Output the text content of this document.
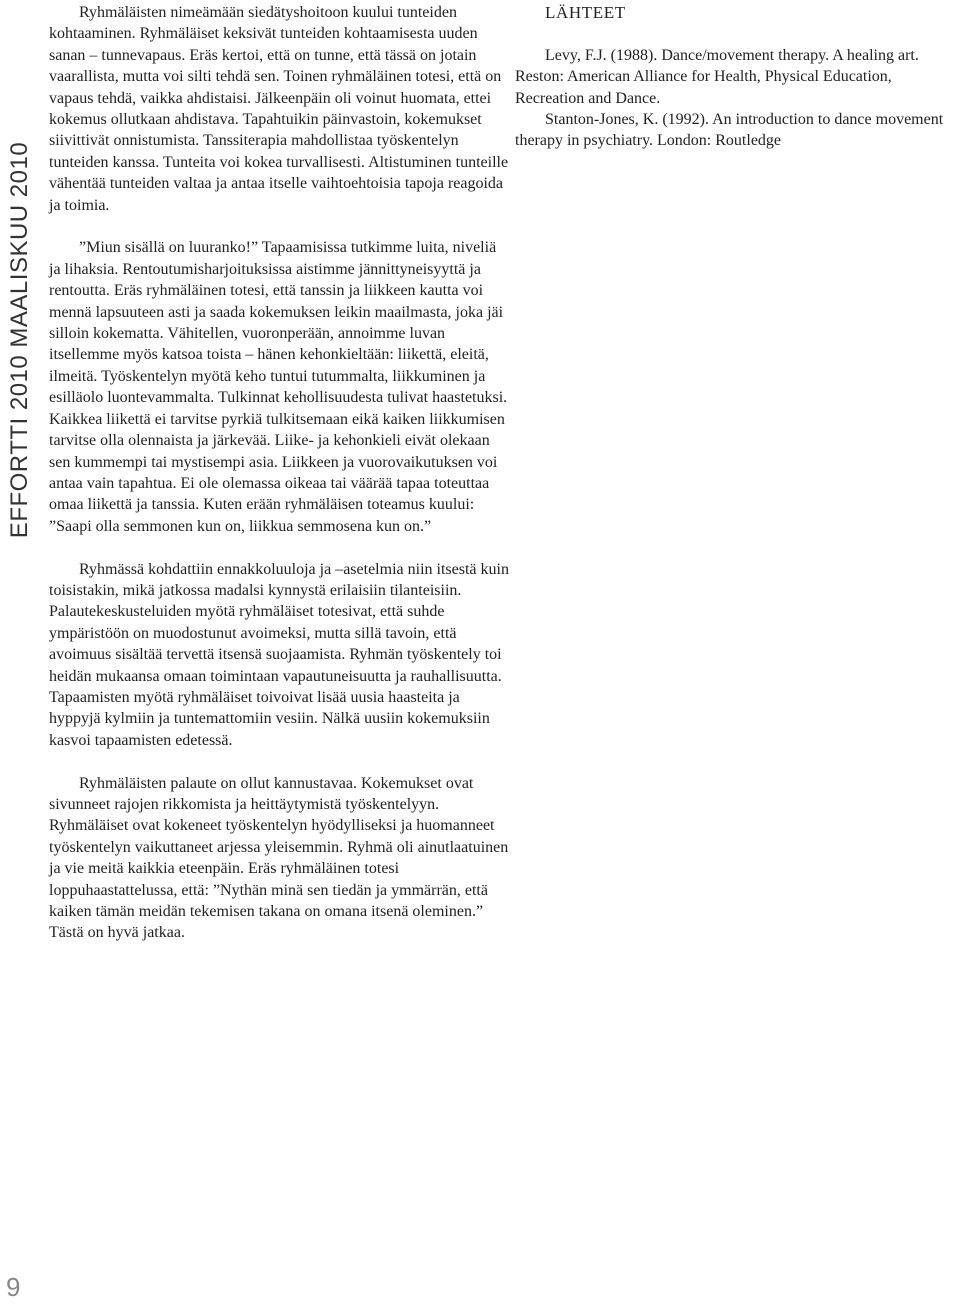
EFFORTTI 2010 MAALISKUU 2010
9

Ryhmäläisten nimeämään siedätyshoitoon kuului tunteiden kohtaaminen. Ryhmäläiset keksivät tunteiden kohtaamisesta uuden sanan – tunnevapaus. Eräs kertoi, että on tunne, että tässä on jotain vaarallista, mutta voi silti tehdä sen. Toinen ryhmäläinen totesi, että on vapaus tehdä, vaikka ahdistaisi. Jälkeenpäin oli voinut huomata, ettei kokemus ollutkaan ahdistava. Tapahtuikin päinvastoin, kokemukset siivittivät onnistumista. Tanssiterapia mahdollistaa työskentelyn tunteiden kanssa. Tunteita voi kokea turvallisesti. Altistuminen tunteille vähentää tunteiden valtaa ja antaa itselle vaihtoehtoisia tapoja reagoida ja toimia.

”Miun sisällä on luuranko!” Tapaamisissa tutkimme luita, niveliä ja lihaksia. Rentoutumisharjoituksissa aistimme jännittyneisyyttä ja rentoutta. Eräs ryhmäläinen totesi, että tanssin ja liikkeen kautta voi mennä lapsuuteen asti ja saada kokemuksen leikin maailmasta, joka jäi silloin kokematta. Vähitellen, vuoronperään, annoimme luvan itsellemme myös katsoa toista – hänen kehonkieltään: liikettä, eleitä, ilmeitä. Työskentelyn myötä keho tuntui tutummalta, liikkuminen ja esilläolo luontevammalta. Tulkinnat kehollisuudesta tulivat haastetuksi. Kaikkea liikettä ei tarvitse pyrkiä tulkitsemaan eikä kaiken liikkumisen tarvitse olla olennaista ja järkevää. Liike- ja kehonkieli eivät olekaan sen kummempi tai mystisempi asia. Liikkeen ja vuorovaikutuksen voi antaa vain tapahtua. Ei ole olemassa oikeaa tai väärää tapaa toteuttaa omaa liikettä ja tanssia. Kuten erään ryhmäläisen toteamus kuului: ”Saapi olla semmonen kun on, liikkua semmosena kun on.”

Ryhmässä kohdattiin ennakkoluuloja ja –asetelmia niin itsestä kuin toisistakin, mikä jatkossa madalsi kynnystä erilaisiin tilanteisiin. Palautekeskusteluiden myötä ryhmäläiset totesivat, että suhde ympäristöön on muodostunut avoimeksi, mutta sillä tavoin, että avoimuus sisältää tervettä itsensä suojaamista. Ryhmän työskentely toi heidän mukaansa omaan toimintaan vapautuneisuutta ja rauhallisuutta. Tapaamisten myötä ryhmäläiset toivoivat lisää uusia haasteita ja hyppyjä kylmiin ja tuntemattomiin vesiin. Nälkä uusiin kokemuksiin kasvoi tapaamisten edetessä.

Ryhmäläisten palaute on ollut kannustavaa. Kokemukset ovat sivunneet rajojen rikkomista ja heittäytymistä työskentelyyn. Ryhmäläiset ovat kokeneet työskentelyn hyödylliseksi ja huomanneet työskentelyn vaikuttaneet arjessa yleisemmin. Ryhmä oli ainutlaatuinen ja vie meitä kaikkia eteenpäin. Eräs ryhmäläinen totesi loppuhaastattelussa, että: ”Nythän minä sen tiedän ja ymmärrän, että kaiken tämän meidän tekemisen takana on omana itsenä oleminen.” Tästä on hyvä jatkaa.

LÄHTEET

Levy, F.J. (1988). Dance/movement therapy. A healing art. Reston: American Alliance for Health, Physical Education, Recreation and Dance.

Stanton-Jones, K. (1992). An introduction to dance movement therapy in psychiatry. London: Routledge
